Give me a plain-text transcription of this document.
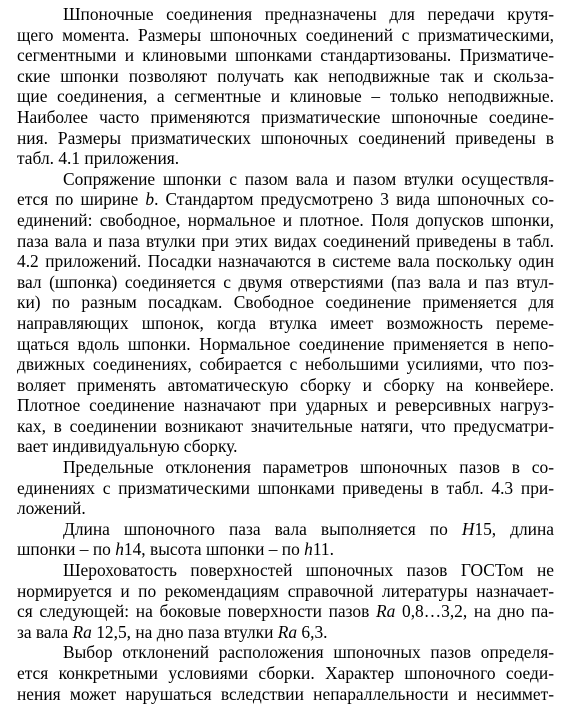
Шпоночные соединения предназначены для передачи крутя-
щего момента. Размеры шпоночных соединений с призматическими,
сегментными и клиновыми шпонками стандартизованы. Призматиче-
ские шпонки позволяют получать как неподвижные так и скольза-
щие соединения, а сегментные и клиновые – только неподвижные.
Наиболее часто применяются призматические шпоночные соедине-
ния. Размеры призматических шпоночных соединений приведены в
табл. 4.1 приложения.
Сопряжение шпонки с пазом вала и пазом втулки осуществля-
ется по ширине b. Стандартом предусмотрено 3 вида шпоночных со-
единений: свободное, нормальное и плотное. Поля допусков шпонки,
паза вала и паза втулки при этих видах соединений приведены в табл.
4.2 приложений. Посадки назначаются в системе вала поскольку один
вал (шпонка) соединяется с двумя отверстиями (паз вала и паз втул-
ки) по разным посадкам. Свободное соединение применяется для
направляющих шпонок, когда втулка имеет возможность переме-
щаться вдоль шпонки. Нормальное соединение применяется в непо-
движных соединениях, собирается с небольшими усилиями, что поз-
воляет применять автоматическую сборку и сборку на конвейере.
Плотное соединение назначают при ударных и реверсивных нагруз-
ках, в соединении возникают значительные натяги, что предусматри-
вает индивидуальную сборку.
Предельные отклонения параметров шпоночных пазов в со-
единениях с призматическими шпонками приведены в табл. 4.3 при-
ложений.
Длина шпоночного паза вала выполняется по H15, длина
шпонки – по h14, высота шпонки – по h11.
Шероховатость поверхностей шпоночных пазов ГОСТом не
нормируется и по рекомендациям справочной литературы назначает-
ся следующей: на боковые поверхности пазов Ra 0,8…3,2, на дно па-
за вала Ra 12,5, на дно паза втулки Ra 6,3.
Выбор отклонений расположения шпоночных пазов определя-
ется конкретными условиями сборки. Характер шпоночного соеди-
нения может нарушаться вследствии непараллельности и несиммет-
